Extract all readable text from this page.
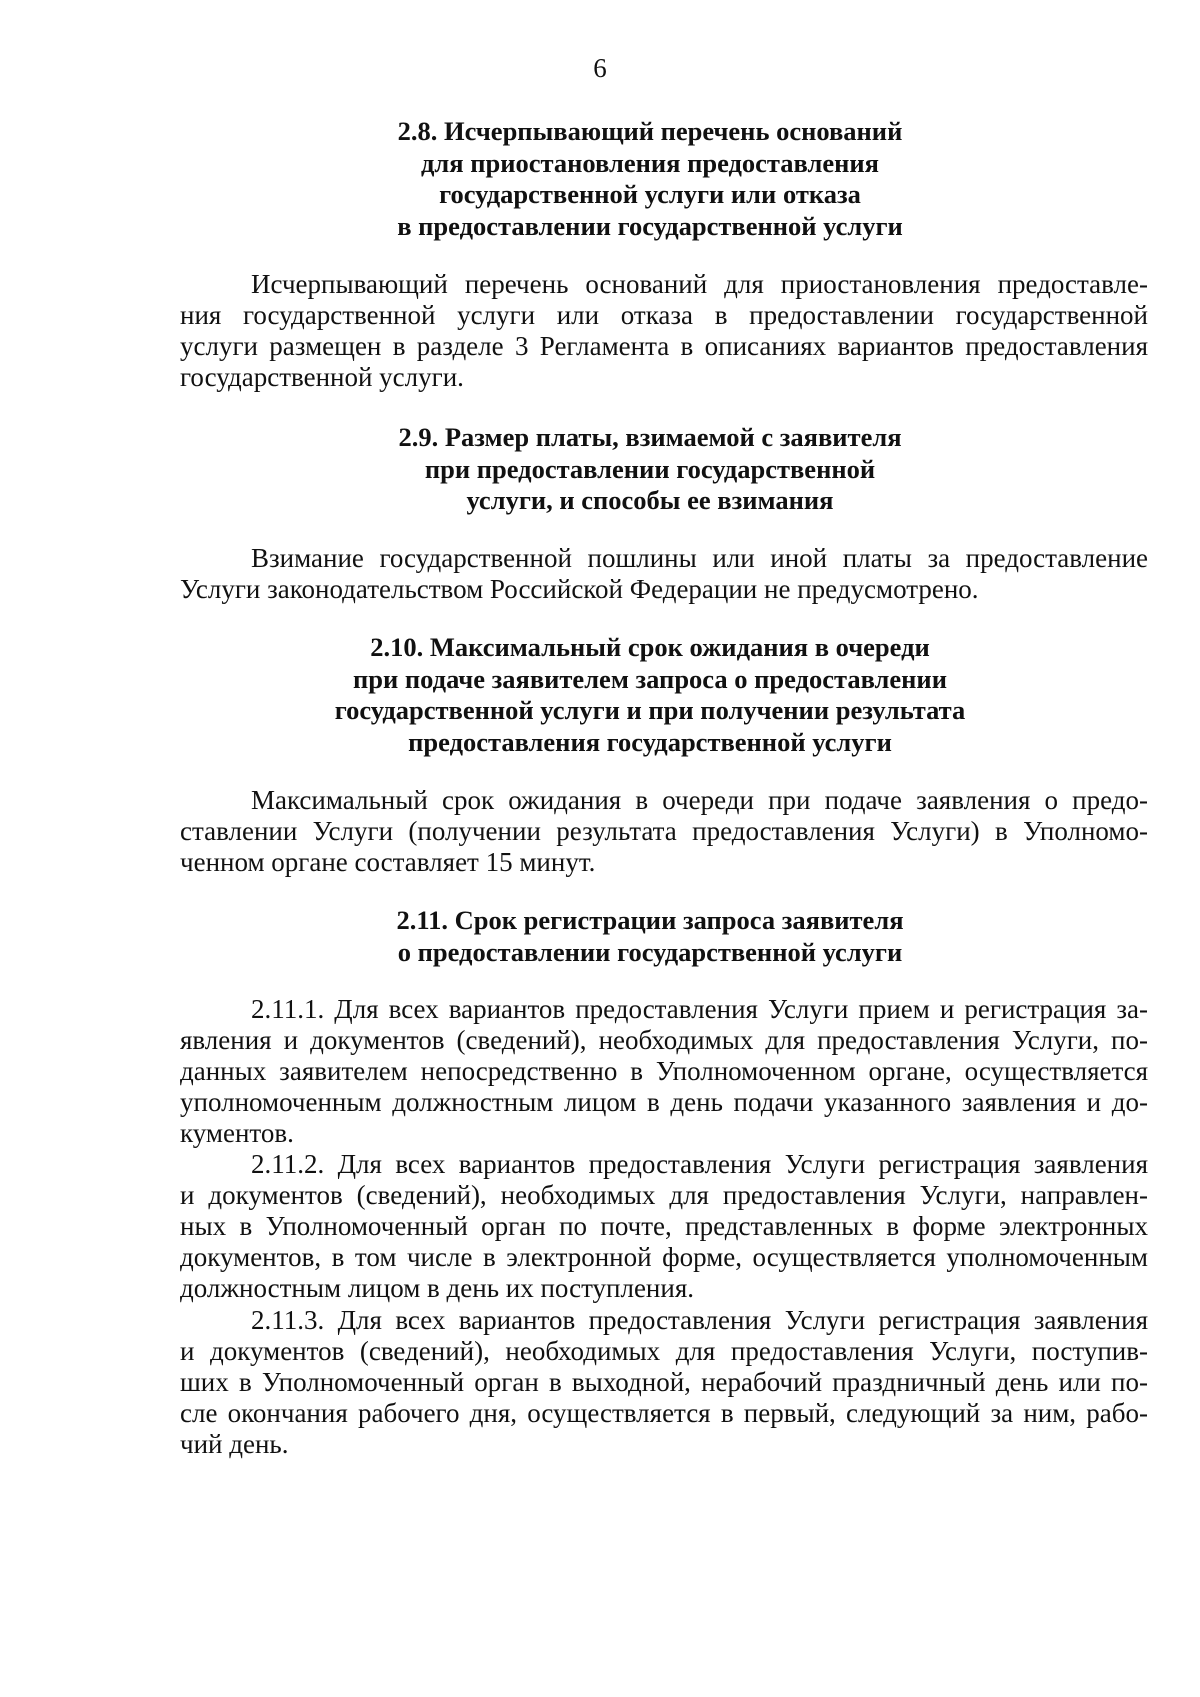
6
2.8. Исчерпывающий перечень оснований
для приостановления предоставления
государственной услуги или отказа
в предоставлении государственной услуги
Исчерпывающий перечень оснований для приостановления предоставле-
ния государственной услуги или отказа в предоставлении государственной
услуги размещен в разделе 3 Регламента в описаниях вариантов предоставления
государственной услуги.
2.9. Размер платы, взимаемой с заявителя
при предоставлении государственной
услуги, и способы ее взимания
Взимание государственной пошлины или иной платы за предоставление
Услуги законодательством Российской Федерации не предусмотрено.
2.10. Максимальный срок ожидания в очереди
при подаче заявителем запроса о предоставлении
государственной услуги и при получении результата
предоставления государственной услуги
Максимальный срок ожидания в очереди при подаче заявления о предо-
ставлении Услуги (получении результата предоставления Услуги) в Уполномо-
ченном органе составляет 15 минут.
2.11. Срок регистрации запроса заявителя
о предоставлении государственной услуги
2.11.1. Для всех вариантов предоставления Услуги прием и регистрация за-
явления и документов (сведений), необходимых для предоставления Услуги, по-
данных заявителем непосредственно в Уполномоченном органе, осуществляется
уполномоченным должностным лицом в день подачи указанного заявления и до-
кументов.
2.11.2. Для всех вариантов предоставления Услуги регистрация заявления
и документов (сведений), необходимых для предоставления Услуги, направлен-
ных в Уполномоченный орган по почте, представленных в форме электронных
документов, в том числе в электронной форме, осуществляется уполномоченным
должностным лицом в день их поступления.
2.11.3. Для всех вариантов предоставления Услуги регистрация заявления
и документов (сведений), необходимых для предоставления Услуги, поступив-
ших в Уполномоченный орган в выходной, нерабочий праздничный день или по-
сле окончания рабочего дня, осуществляется в первый, следующий за ним, рабо-
чий день.
